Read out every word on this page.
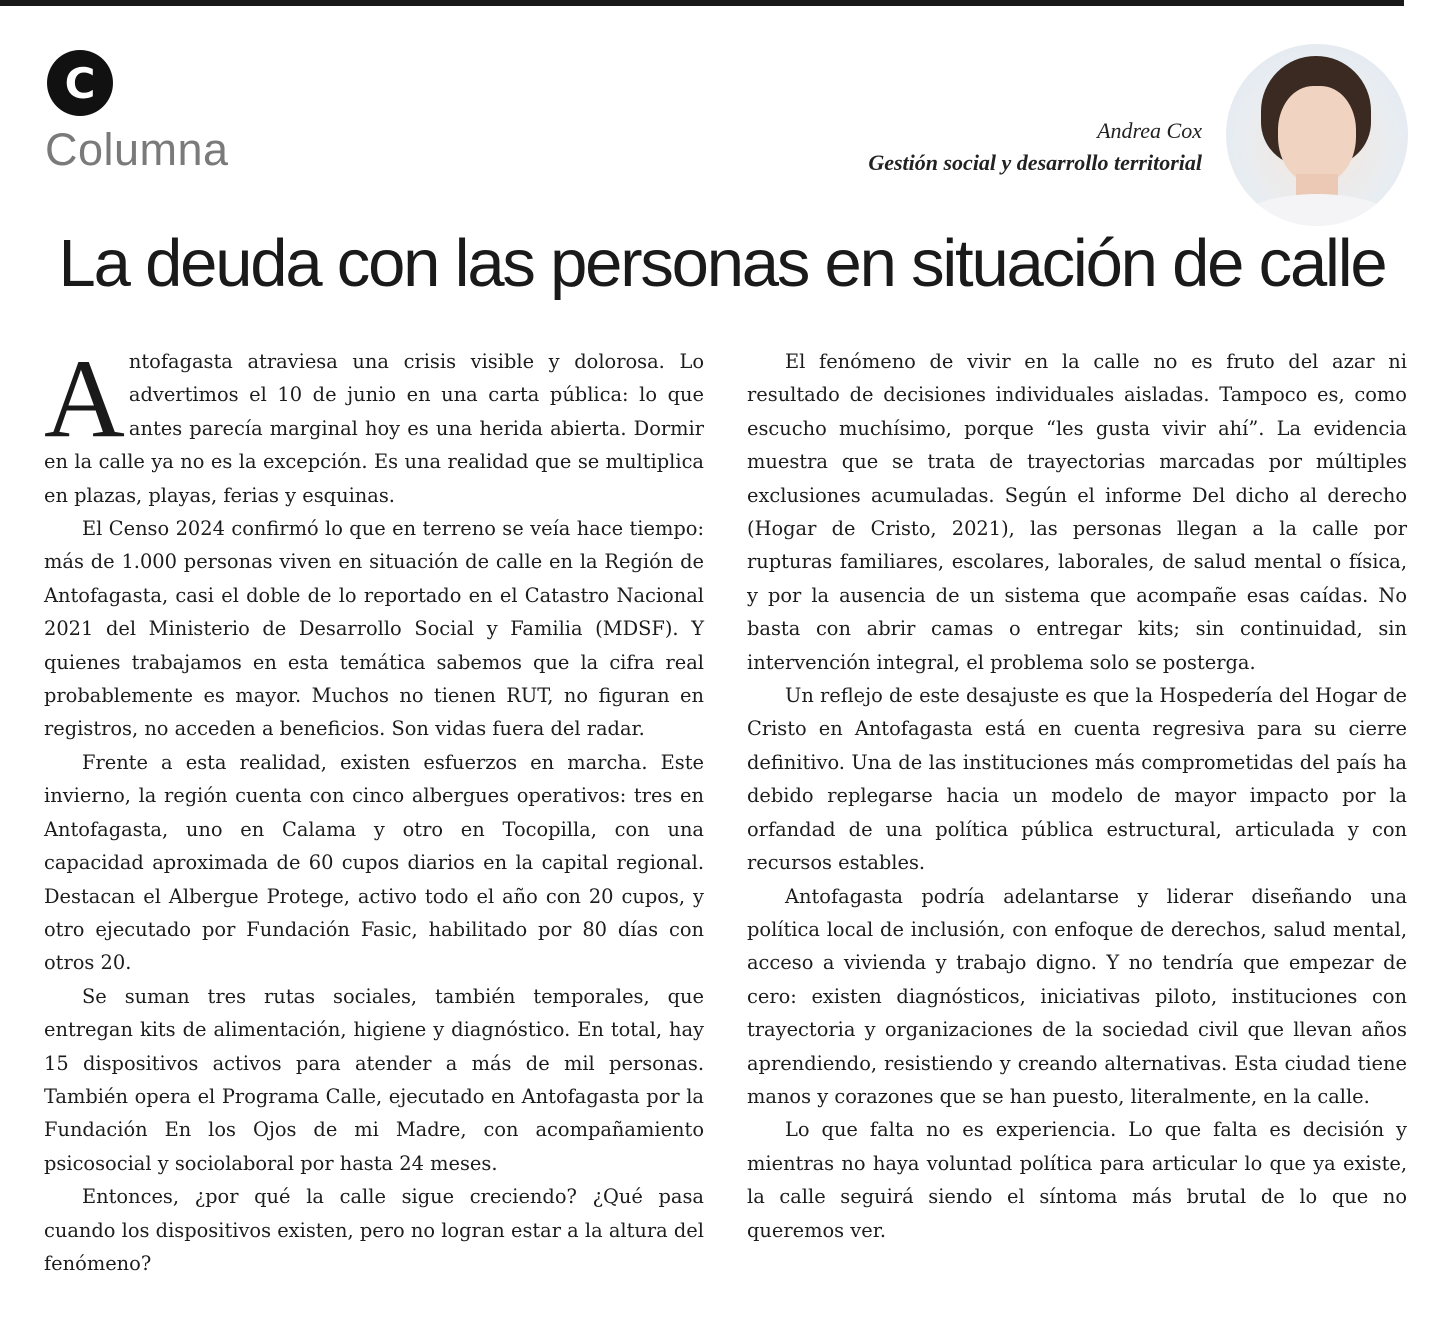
C
Columna	Andrea Cox
Gestión social y desarrollo territorial
La deuda con las personas en situación de calle

Antofagasta atraviesa una crisis visible y dolorosa. Lo advertimos el 10 de junio en una carta pública: lo que antes parecía marginal hoy es una herida abierta. Dormir en la calle ya no es la excepción. Es una realidad que se multiplica en plazas, playas, ferias y esquinas.

El Censo 2024 confirmó lo que en terreno se veía hace tiempo: más de 1.000 personas viven en situación de calle en la Región de Antofagasta, casi el doble de lo reportado en el Catastro Nacional 2021 del Ministerio de Desarrollo Social y Familia (MDSF). Y quienes trabajamos en esta temática sabemos que la cifra real probablemente es mayor. Muchos no tienen RUT, no figuran en registros, no acceden a beneficios. Son vidas fuera del radar.

Frente a esta realidad, existen esfuerzos en marcha. Este invierno, la región cuenta con cinco albergues operativos: tres en Antofagasta, uno en Calama y otro en Tocopilla, con una capacidad aproximada de 60 cupos diarios en la capital regional. Destacan el Albergue Protege, activo todo el año con 20 cupos, y otro ejecutado por Fundación Fasic, habilitado por 80 días con otros 20.

Se suman tres rutas sociales, también temporales, que entregan kits de alimentación, higiene y diagnóstico. En total, hay 15 dispositivos activos para atender a más de mil personas. También opera el Programa Calle, ejecutado en Antofagasta por la Fundación En los Ojos de mi Madre, con acompañamiento psicosocial y sociolaboral por hasta 24 meses.

Entonces, ¿por qué la calle sigue creciendo? ¿Qué pasa cuando los dispositivos existen, pero no logran estar a la altura del fenómeno?

El fenómeno de vivir en la calle no es fruto del azar ni resultado de decisiones individuales aisladas. Tampoco es, como escucho muchísimo, porque “les gusta vivir ahí”. La evidencia muestra que se trata de trayectorias marcadas por múltiples exclusiones acumuladas. Según el informe Del dicho al derecho (Hogar de Cristo, 2021), las personas llegan a la calle por rupturas familiares, escolares, laborales, de salud mental o física, y por la ausencia de un sistema que acompañe esas caídas. No basta con abrir camas o entregar kits; sin continuidad, sin intervención integral, el problema solo se posterga.

Un reflejo de este desajuste es que la Hospedería del Hogar de Cristo en Antofagasta está en cuenta regresiva para su cierre definitivo. Una de las instituciones más comprometidas del país ha debido replegarse hacia un modelo de mayor impacto por la orfandad de una política pública estructural, articulada y con recursos estables.

Antofagasta podría adelantarse y liderar diseñando una política local de inclusión, con enfoque de derechos, salud mental, acceso a vivienda y trabajo digno. Y no tendría que empezar de cero: existen diagnósticos, iniciativas piloto, instituciones con trayectoria y organizaciones de la sociedad civil que llevan años aprendiendo, resistiendo y creando alternativas. Esta ciudad tiene manos y corazones que se han puesto, literalmente, en la calle.

Lo que falta no es experiencia. Lo que falta es decisión y mientras no haya voluntad política para articular lo que ya existe, la calle seguirá siendo el síntoma más brutal de lo que no queremos ver.
